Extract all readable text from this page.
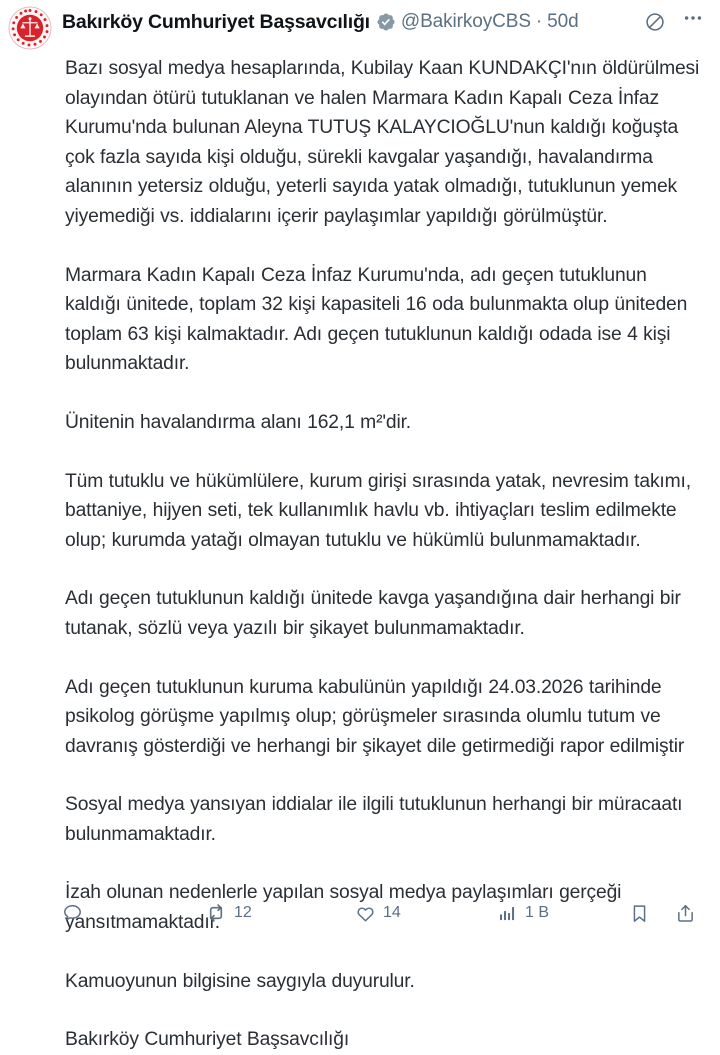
Bakırköy Cumhuriyet Başsavcılığı @BakirkoyCBS · 50d

Bazı sosyal medya hesaplarında, Kubilay Kaan KUNDAKÇI'nın öldürülmesi olayından ötürü tutuklanan ve halen Marmara Kadın Kapalı Ceza İnfaz Kurumu'nda bulunan Aleyna TUTUŞ KALAYCIOĞLU'nun kaldığı koğuşta çok fazla sayıda kişi olduğu, sürekli kavgalar yaşandığı, havalandırma alanının yetersiz olduğu, yeterli sayıda yatak olmadığı, tutuklunun yemek yiyemediği vs. iddialarını içerir paylaşımlar yapıldığı görülmüştür.

Marmara Kadın Kapalı Ceza İnfaz Kurumu'nda, adı geçen tutuklunun kaldığı ünitede, toplam 32 kişi kapasiteli 16 oda bulunmakta olup üniteden toplam 63 kişi kalmaktadır. Adı geçen tutuklunun kaldığı odada ise 4 kişi bulunmaktadır.

Ünitenin havalandırma alanı 162,1 m²'dir.

Tüm tutuklu ve hükümlülere, kurum girişi sırasında yatak, nevresim takımı, battaniye, hijyen seti, tek kullanımlık havlu vb. ihtiyaçları teslim edilmekte olup; kurumda yatağı olmayan tutuklu ve hükümlü bulunmamaktadır.

Adı geçen tutuklunun kaldığı ünitede kavga yaşandığına dair herhangi bir tutanak, sözlü veya yazılı bir şikayet bulunmamaktadır.

Adı geçen tutuklunun kuruma kabulünün yapıldığı 24.03.2026 tarihinde psikolog görüşme yapılmış olup; görüşmeler sırasında olumlu tutum ve davranış gösterdiği ve herhangi bir şikayet dile getirmediği rapor edilmiştir

Sosyal medya yansıyan iddialar ile ilgili tutuklunun herhangi bir müracaatı bulunmamaktadır.

İzah olunan nedenlerle yapılan sosyal medya paylaşımları gerçeği yansıtmamaktadır.

Kamuoyunun bilgisine saygıyla duyurulur.

Bakırköy Cumhuriyet Başsavcılığı

12	14	1 B
